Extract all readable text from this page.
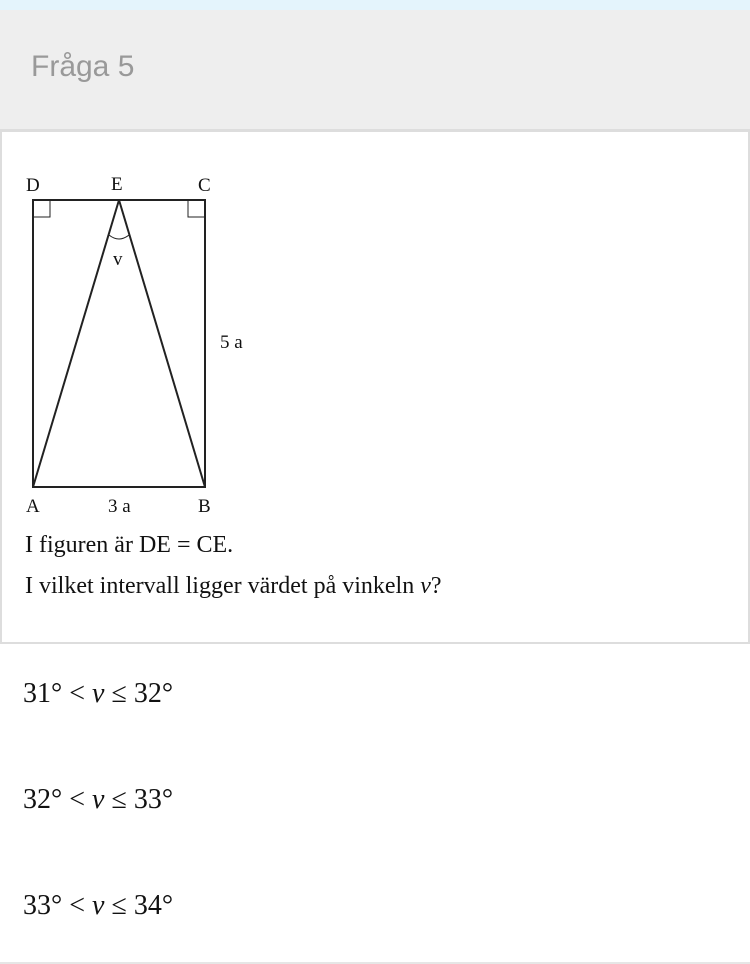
Fråga 5
D	E	C
A	B
v
5 a
3 a

I figuren är DE = CE.

I vilket intervall ligger värdet på vinkeln v?

31° < v ≤ 32°
32° < v ≤ 33°
33° < v ≤ 34°
